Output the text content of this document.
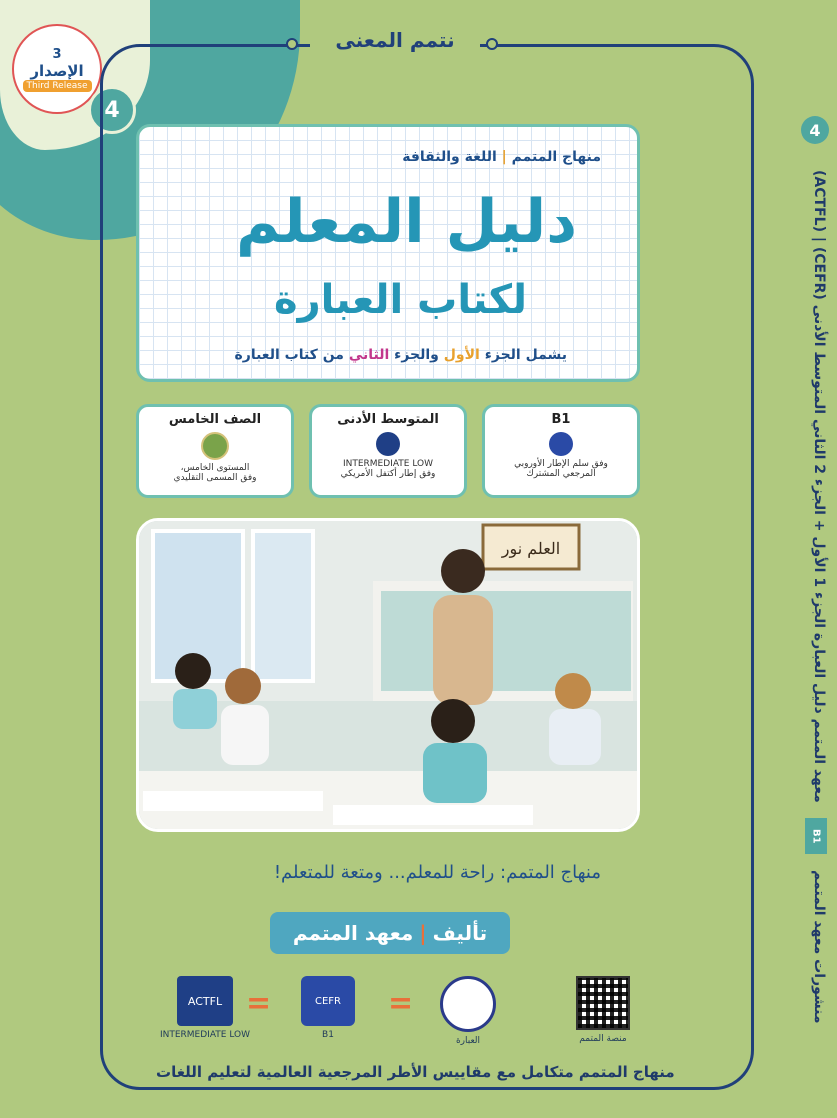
3
الإصدار
Third Release
4
نتمم المعنى
منهاج المتمم | اللغة والثقافة
دليل المعلم
لكتاب العبارة
يشمل الجزء الأول والجزء الثاني من كتاب العبارة
الصف الخامس
المستوى الخامس،
وفق المسمى التقليدي
المتوسط الأدنى
INTERMEDIATE LOW
وفق إطار أكتفل الأمريكي
B1
وفق سلم الإطار الأوروبي
المرجعي المشترك
العلم نور
منهاج المتمم: راحة للمعلم... ومتعة للمتعلم!
تأليف
|
معهد المتمم
ACTFL
INTERMEDIATE LOW
=	CEFR
B1
=
العبارة	منصة المتمم
منهاج المتمم متكامل مع مقاييس الأطر المرجعية العالمية لتعليم اللغات
4
معهد المتمم دليل العبارة الجزء 1 الأول + الجزء 2 الثاني المتوسط الأدنى (CEFR) | (ACTFL)
B1
منشورات معهد المتمم
